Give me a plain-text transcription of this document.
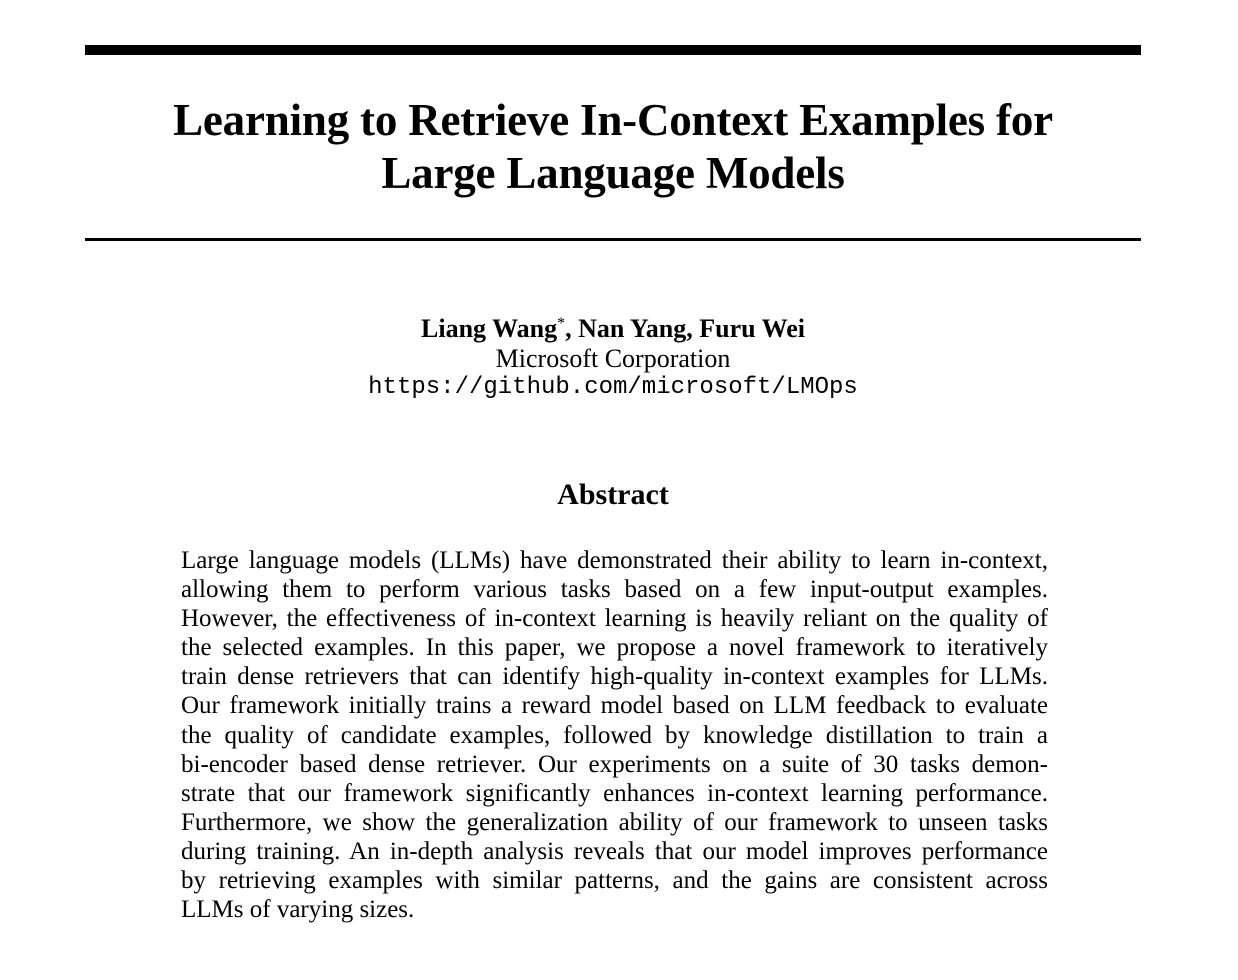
Learning to Retrieve In-Context Examples for
Large Language Models
Liang Wang*, Nan Yang, Furu Wei
Microsoft Corporation
https://github.com/microsoft/LMOps
Abstract
Large language models (LLMs) have demonstrated their ability to learn in-context,
allowing them to perform various tasks based on a few input-output examples.
However, the effectiveness of in-context learning is heavily reliant on the quality of
the selected examples. In this paper, we propose a novel framework to iteratively
train dense retrievers that can identify high-quality in-context examples for LLMs.
Our framework initially trains a reward model based on LLM feedback to evaluate
the quality of candidate examples, followed by knowledge distillation to train a
bi-encoder based dense retriever. Our experiments on a suite of 30 tasks demon-
strate that our framework significantly enhances in-context learning performance.
Furthermore, we show the generalization ability of our framework to unseen tasks
during training. An in-depth analysis reveals that our model improves performance
by retrieving examples with similar patterns, and the gains are consistent across
LLMs of varying sizes.
